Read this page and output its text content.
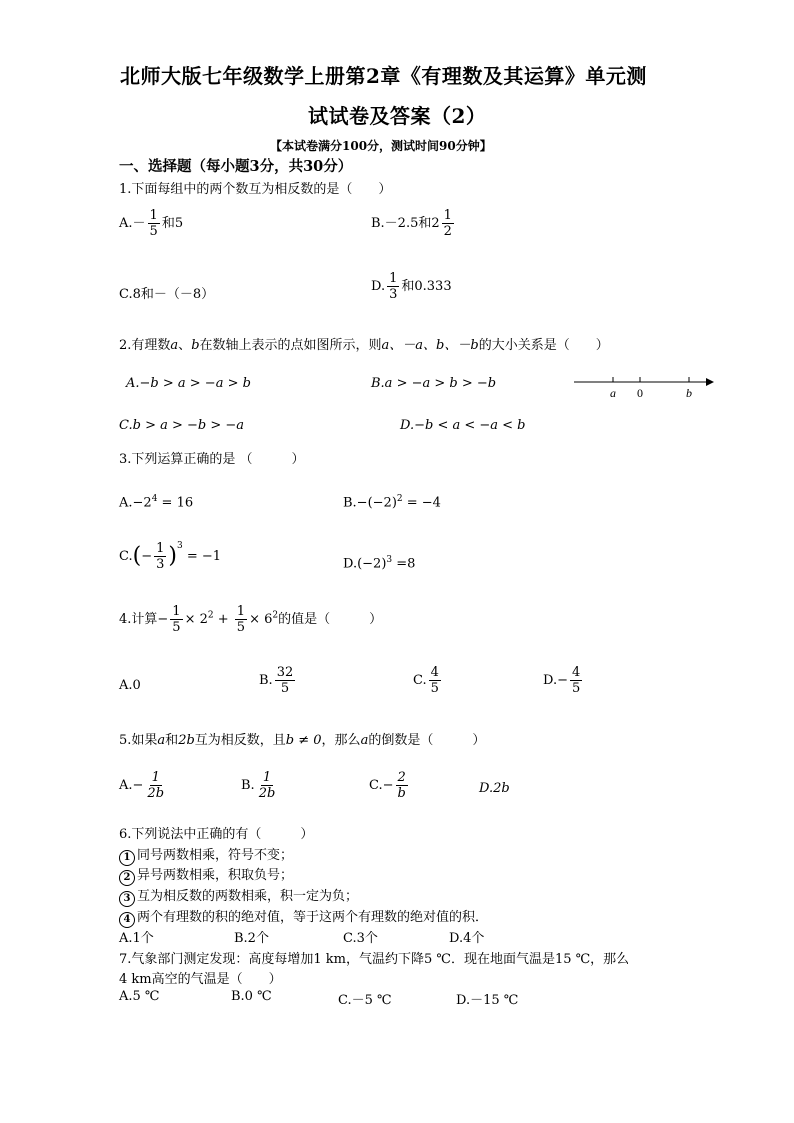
北师大版七年级数学上册第2章《有理数及其运算》单元测
试试卷及答案（2）
【本试卷满分100分，测试时间90分钟】
一、选择题（每小题3分，共30分）
1.下面每组中的两个数互为相反数的是（　　）
$A.- \frac{1}{5}$ 和5	B.－2.5和$2 \frac{1}{2}$
C.8和－（－8）
D. $\frac{1}{3}$ 和0.333
2.有理数a、b在数轴上表示的点如图所示，则a、－a、b、－b的大小关系是（　　）
A.−b > a > −a > b	B.a > −a > b > −b
C.b > a > −b > −a	D.−b < a < −a < b
a 0	b
3.下列运算正确的是 （　　　）
$A.-2^4 = 16$	$B.-(-2)^2 = -4$
$C.(- \frac{1}{3} )^3 = -1$	$D.(-2)^3 =8$
4.计算− $\frac{1}{5} \times 2^2 + \frac{1}{5} \times 6^2$的值是（　　　）
A.0	B. $\frac{32}{5}$	C. $\frac{4}{5}$	$D.- \frac{4}{5}$
5.如果a和2b互为相反数，且b ≠ 0，那么a的倒数是（　　　）
$A.- \frac{1}{2b}$	B. $\frac{1}{2b}$	$C.- \frac{2}{b}$	D.2b
6.下列说法中正确的有（　　　）
1 同号两数相乘，符号不变；
2 异号两数相乘，积取负号；
3 互为相反数的两数相乘，积一定为负；
4 两个有理数的积的绝对值，等于这两个有理数的绝对值的积．
A.1个	B.2个	C.3个	D.4个
7.气象部门测定发现：高度每增加1 km，气温约下降5 ℃．现在地面气温是15 ℃，那么
4 km高空的气温是（　　）
A.5 ℃	B.0 ℃	C.－5 ℃	D.－15 ℃
